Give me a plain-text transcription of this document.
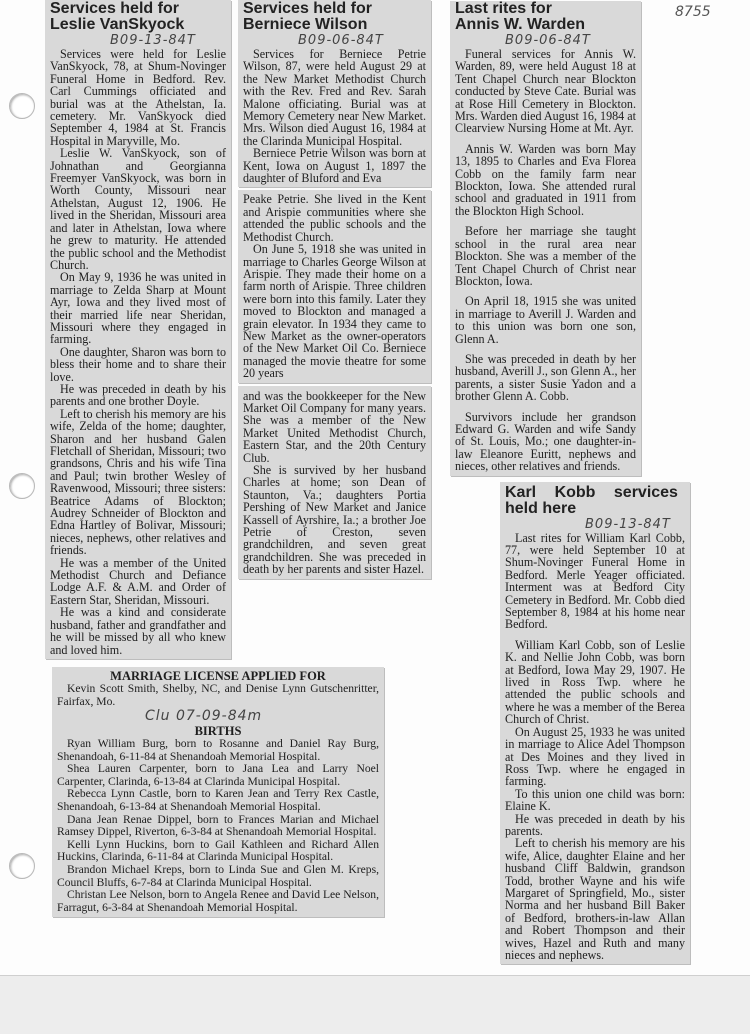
8755
Services held for
Leslie VanSkyock
B09-13-84T

Services were held for Leslie VanSkyock, 78, at Shum-Novinger Funeral Home in Bedford. Rev. Carl Cummings officiated and burial was at the Athelstan, Ia. cemetery. Mr. VanSkyock died September 4, 1984 at St. Francis Hospital in Maryville, Mo.

Leslie W. VanSkyock, son of Johnathan and Georgianna Freemyer VanSkyock, was born in Worth County, Missouri near Athelstan, August 12, 1906. He lived in the Sheridan, Missouri area and later in Athelstan, Iowa where he grew to maturity. He attended the public school and the Methodist Church.

On May 9, 1936 he was united in marriage to Zelda Sharp at Mount Ayr, Iowa and they lived most of their married life near Sheridan, Missouri where they engaged in farming.

One daughter, Sharon was born to bless their home and to share their love.

He was preceded in death by his parents and one brother Doyle.

Left to cherish his memory are his wife, Zelda of the home; daughter, Sharon and her husband Galen Fletchall of Sheridan, Missouri; two grandsons, Chris and his wife Tina and Paul; twin brother Wesley of Ravenwood, Missouri; three sisters: Beatrice Adams of Blockton; Audrey Schneider of Blockton and Edna Hartley of Bolivar, Missouri; nieces, nephews, other relatives and friends.

He was a member of the United Methodist Church and Defiance Lodge A.F. & A.M. and Order of Eastern Star, Sheridan, Missouri.

He was a kind and considerate husband, father and grandfather and he will be missed by all who knew and loved him.

Services held for
Berniece Wilson
B09-06-84T

Services for Berniece Petrie Wilson, 87, were held August 29 at the New Market Methodist Church with the Rev. Fred and Rev. Sarah Malone officiating. Burial was at Memory Cemetery near New Market. Mrs. Wilson died August 16, 1984 at the Clarinda Municipal Hospital.

Berniece Petrie Wilson was born at Kent, Iowa on August 1, 1897 the daughter of Bluford and Eva

Peake Petrie. She lived in the Kent and Arispie communities where she attended the public schools and the Methodist Church.

On June 5, 1918 she was united in marriage to Charles George Wilson at Arispie. They made their home on a farm north of Arispie. Three children were born into this family. Later they moved to Blockton and managed a grain elevator. In 1934 they came to New Market as the owner-operators of the New Market Oil Co. Berniece managed the movie theatre for some 20 years

and was the bookkeeper for the New Market Oil Company for many years. She was a member of the New Market United Methodist Church, Eastern Star, and the 20th Century Club.

She is survived by her husband Charles at home; son Dean of Staunton, Va.; daughters Portia Pershing of New Market and Janice Kassell of Ayrshire, Ia.; a brother Joe Petrie of Creston, seven grandchildren, and seven great grandchildren. She was preceded in death by her parents and sister Hazel.

MARRIAGE LICENSE APPLIED FOR

Kevin Scott Smith, Shelby, NC, and Denise Lynn Gutschenritter, Fairfax, Mo.

Clu 07-09-84m
BIRTHS

Ryan William Burg, born to Rosanne and Daniel Ray Burg, Shenandoah, 6-11-84 at Shenandoah Memorial Hospital.

Shea Lauren Carpenter, born to Jana Lea and Larry Noel Carpenter, Clarinda, 6-13-84 at Clarinda Municipal Hospital.

Rebecca Lynn Castle, born to Karen Jean and Terry Rex Castle, Shenandoah, 6-13-84 at Shenandoah Memorial Hospital.

Dana Jean Renae Dippel, born to Frances Marian and Michael Ramsey Dippel, Riverton, 6-3-84 at Shenandoah Memorial Hospital.

Kelli Lynn Huckins, born to Gail Kathleen and Richard Allen Huckins, Clarinda, 6-11-84 at Clarinda Municipal Hospital.

Brandon Michael Kreps, born to Linda Sue and Glen M. Kreps, Council Bluffs, 6-7-84 at Clarinda Municipal Hospital.

Christan Lee Nelson, born to Angela Renee and David Lee Nelson, Farragut, 6-3-84 at Shenandoah Memorial Hospital.

Last rites for
Annis W. Warden
B09-06-84T

Funeral services for Annis W. Warden, 89, were held August 18 at Tent Chapel Church near Blockton conducted by Steve Cate. Burial was at Rose Hill Cemetery in Blockton. Mrs. Warden died August 16, 1984 at Clearview Nursing Home at Mt. Ayr.

Annis W. Warden was born May 13, 1895 to Charles and Eva Florea Cobb on the family farm near Blockton, Iowa. She attended rural school and graduated in 1911 from the Blockton High School.

Before her marriage she taught school in the rural area near Blockton. She was a member of the Tent Chapel Church of Christ near Blockton, Iowa.

On April 18, 1915 she was united in marriage to Averill J. Warden and to this union was born one son, Glenn A.

She was preceded in death by her husband, Averill J., son Glenn A., her parents, a sister Susie Yadon and a brother Glenn A. Cobb.

Survivors include her grandson Edward G. Warden and wife Sandy of St. Louis, Mo.; one daughter-in-law Eleanore Euritt, nephews and nieces, other relatives and friends.

Karl Kobb services
held here
B09-13-84T

Last rites for William Karl Cobb, 77, were held September 10 at Shum-Novinger Funeral Home in Bedford. Merle Yeager officiated. Interment was at Bedford City Cemetery in Bedford. Mr. Cobb died September 8, 1984 at his home near Bedford.

William Karl Cobb, son of Leslie K. and Nellie John Cobb, was born at Bedford, Iowa May 29, 1907. He lived in Ross Twp. where he attended the public schools and where he was a member of the Berea Church of Christ.

On August 25, 1933 he was united in marriage to Alice Adel Thompson at Des Moines and they lived in Ross Twp. where he engaged in farming.

To this union one child was born: Elaine K.

He was preceded in death by his parents.

Left to cherish his memory are his wife, Alice, daughter Elaine and her husband Cliff Baldwin, grandson Todd, brother Wayne and his wife Margaret of Springfield, Mo., sister Norma and her husband Bill Baker of Bedford, brothers-in-law Allan and Robert Thompson and their wives, Hazel and Ruth and many nieces and nephews.
